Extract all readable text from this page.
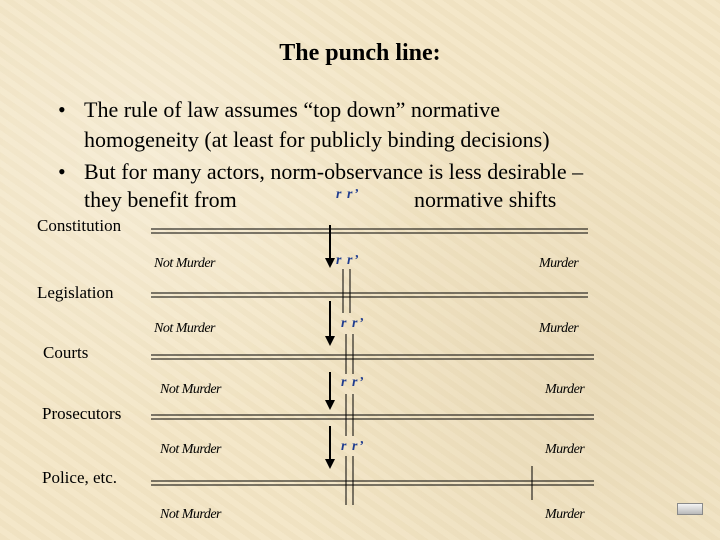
The punch line:
• The rule of law assumes “top down” normative
homogeneity (at least for publicly binding decisions)
• But for many actors, norm-observance is less desirable –
they benefit from	r r’ normative shifts
Constitution
Legislation
Courts
Prosecutors
Police, etc.
Not Murder	r r’	Murder
Not Murder	r r’	Murder
Not Murder	r r’	Murder
Not Murder	r r’	Murder
Not Murder	Murder
